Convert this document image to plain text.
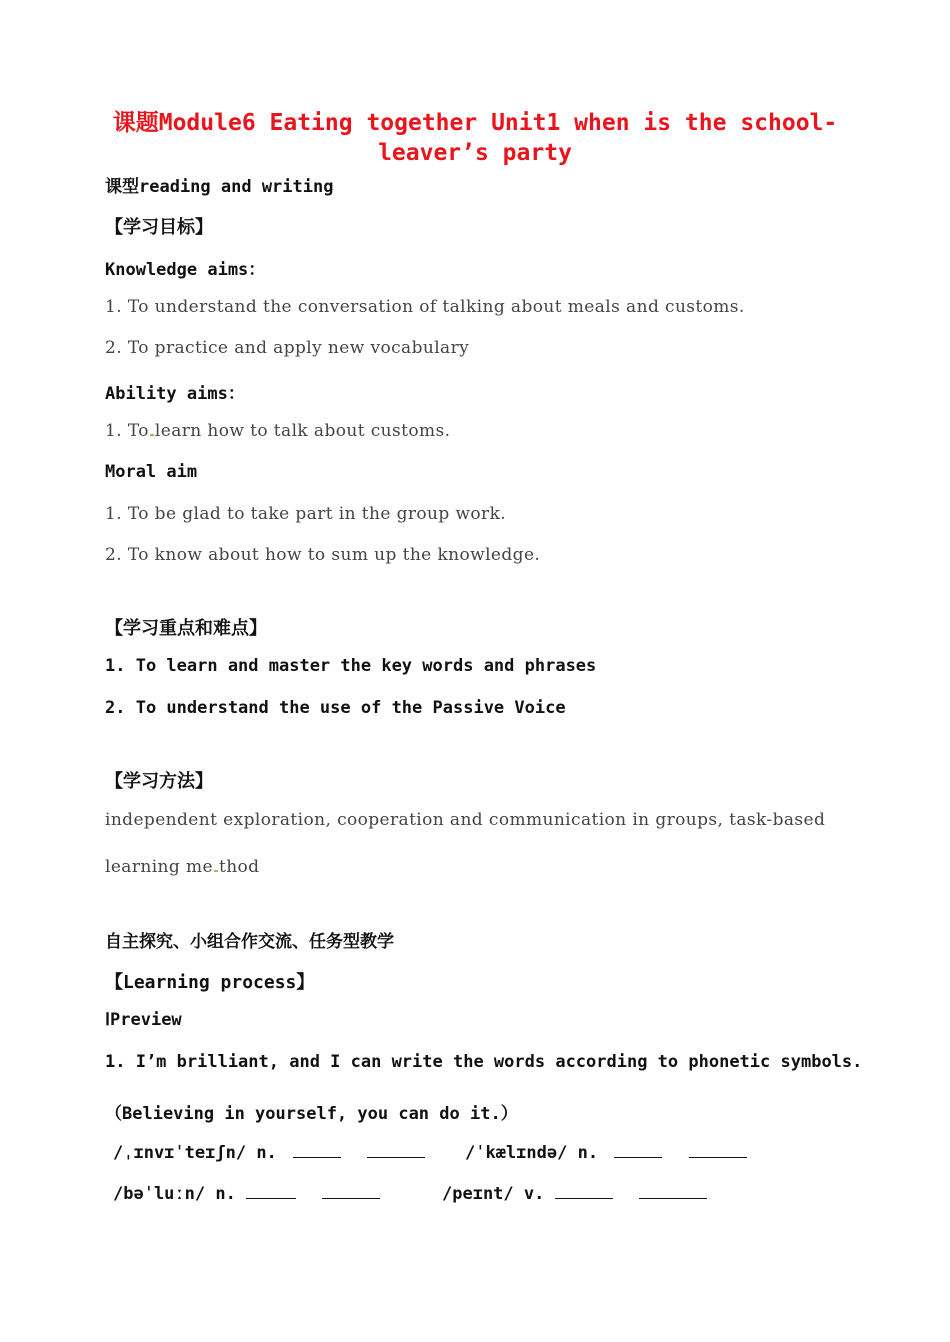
课题Module6 Eating together Unit1 when is the school-
leaver’s party
课型reading and writing
【学习目标】
Knowledge aims：
1. To understand the conversation of talking about meals and customs.
2. To practice and apply new vocabulary
Ability aims：
1. To learn how to talk about customs.
Moral aim
1. To be glad to take part in the group work.
2. To know about how to sum up the knowledge.
【学习重点和难点】
1. To learn and master the key words and phrases
2. To understand the use of the Passive Voice
【学习方法】
independent exploration, cooperation and communication in groups, task-based
learning me thod
自主探究、小组合作交流、任务型教学
【Learning process】
ⅠPreview
1. I’m brilliant, and I can write the words according to phonetic symbols.
（Believing in yourself, you can do it.）
/ˌɪnvɪˈteɪʃn/ n.	/ˈkælɪndə/ n.
/bəˈluːn/ n.	/peɪnt/ v.
